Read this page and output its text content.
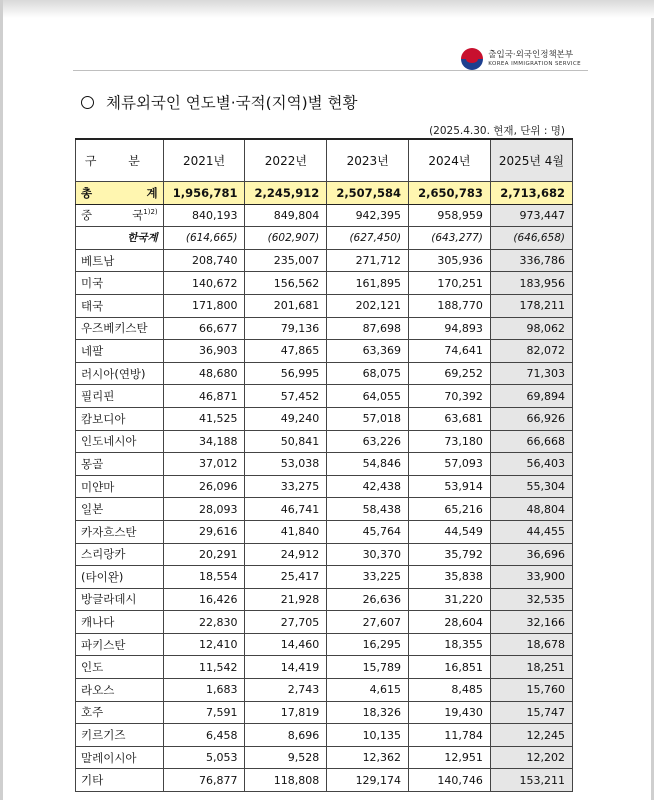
출입국·외국인정책본부
KOREA IMMIGRATION SERVICE
체류외국인 연도별·국적(지역)별 현황
(2025.4.30. 현재, 단위 : 명)
구 분	2021년	2022년	2023년	2024년	2025년 4월
총 계	1,956,781	2,245,912	2,507,584	2,650,783	2,713,682
중 국$^{1)2)}$	840,193	849,804	942,395	958,959	973,447
한국계	(614,665)	(602,907)	(627,450)	(643,277)	(646,658)
베트남	208,740	235,007	271,712	305,936	336,786
미국	140,672	156,562	161,895	170,251	183,956
태국	171,800	201,681	202,121	188,770	178,211
우즈베키스탄	66,677	79,136	87,698	94,893	98,062
네팔	36,903	47,865	63,369	74,641	82,072
러시아(연방)	48,680	56,995	68,075	69,252	71,303
필리핀	46,871	57,452	64,055	70,392	69,894
캄보디아	41,525	49,240	57,018	63,681	66,926
인도네시아	34,188	50,841	63,226	73,180	66,668
몽골	37,012	53,038	54,846	57,093	56,403
미얀마	26,096	33,275	42,438	53,914	55,304
일본	28,093	46,741	58,438	65,216	48,804
카자흐스탄	29,616	41,840	45,764	44,549	44,455
스리랑카	20,291	24,912	30,370	35,792	36,696
(타이완)	18,554	25,417	33,225	35,838	33,900
방글라데시	16,426	21,928	26,636	31,220	32,535
캐나다	22,830	27,705	27,607	28,604	32,166
파키스탄	12,410	14,460	16,295	18,355	18,678
인도	11,542	14,419	15,789	16,851	18,251
라오스	1,683	2,743	4,615	8,485	15,760
호주	7,591	17,819	18,326	19,430	15,747
키르기즈	6,458	8,696	10,135	11,784	12,245
말레이시아	5,053	9,528	12,362	12,951	12,202
기타	76,877	118,808	129,174	140,746	153,211
